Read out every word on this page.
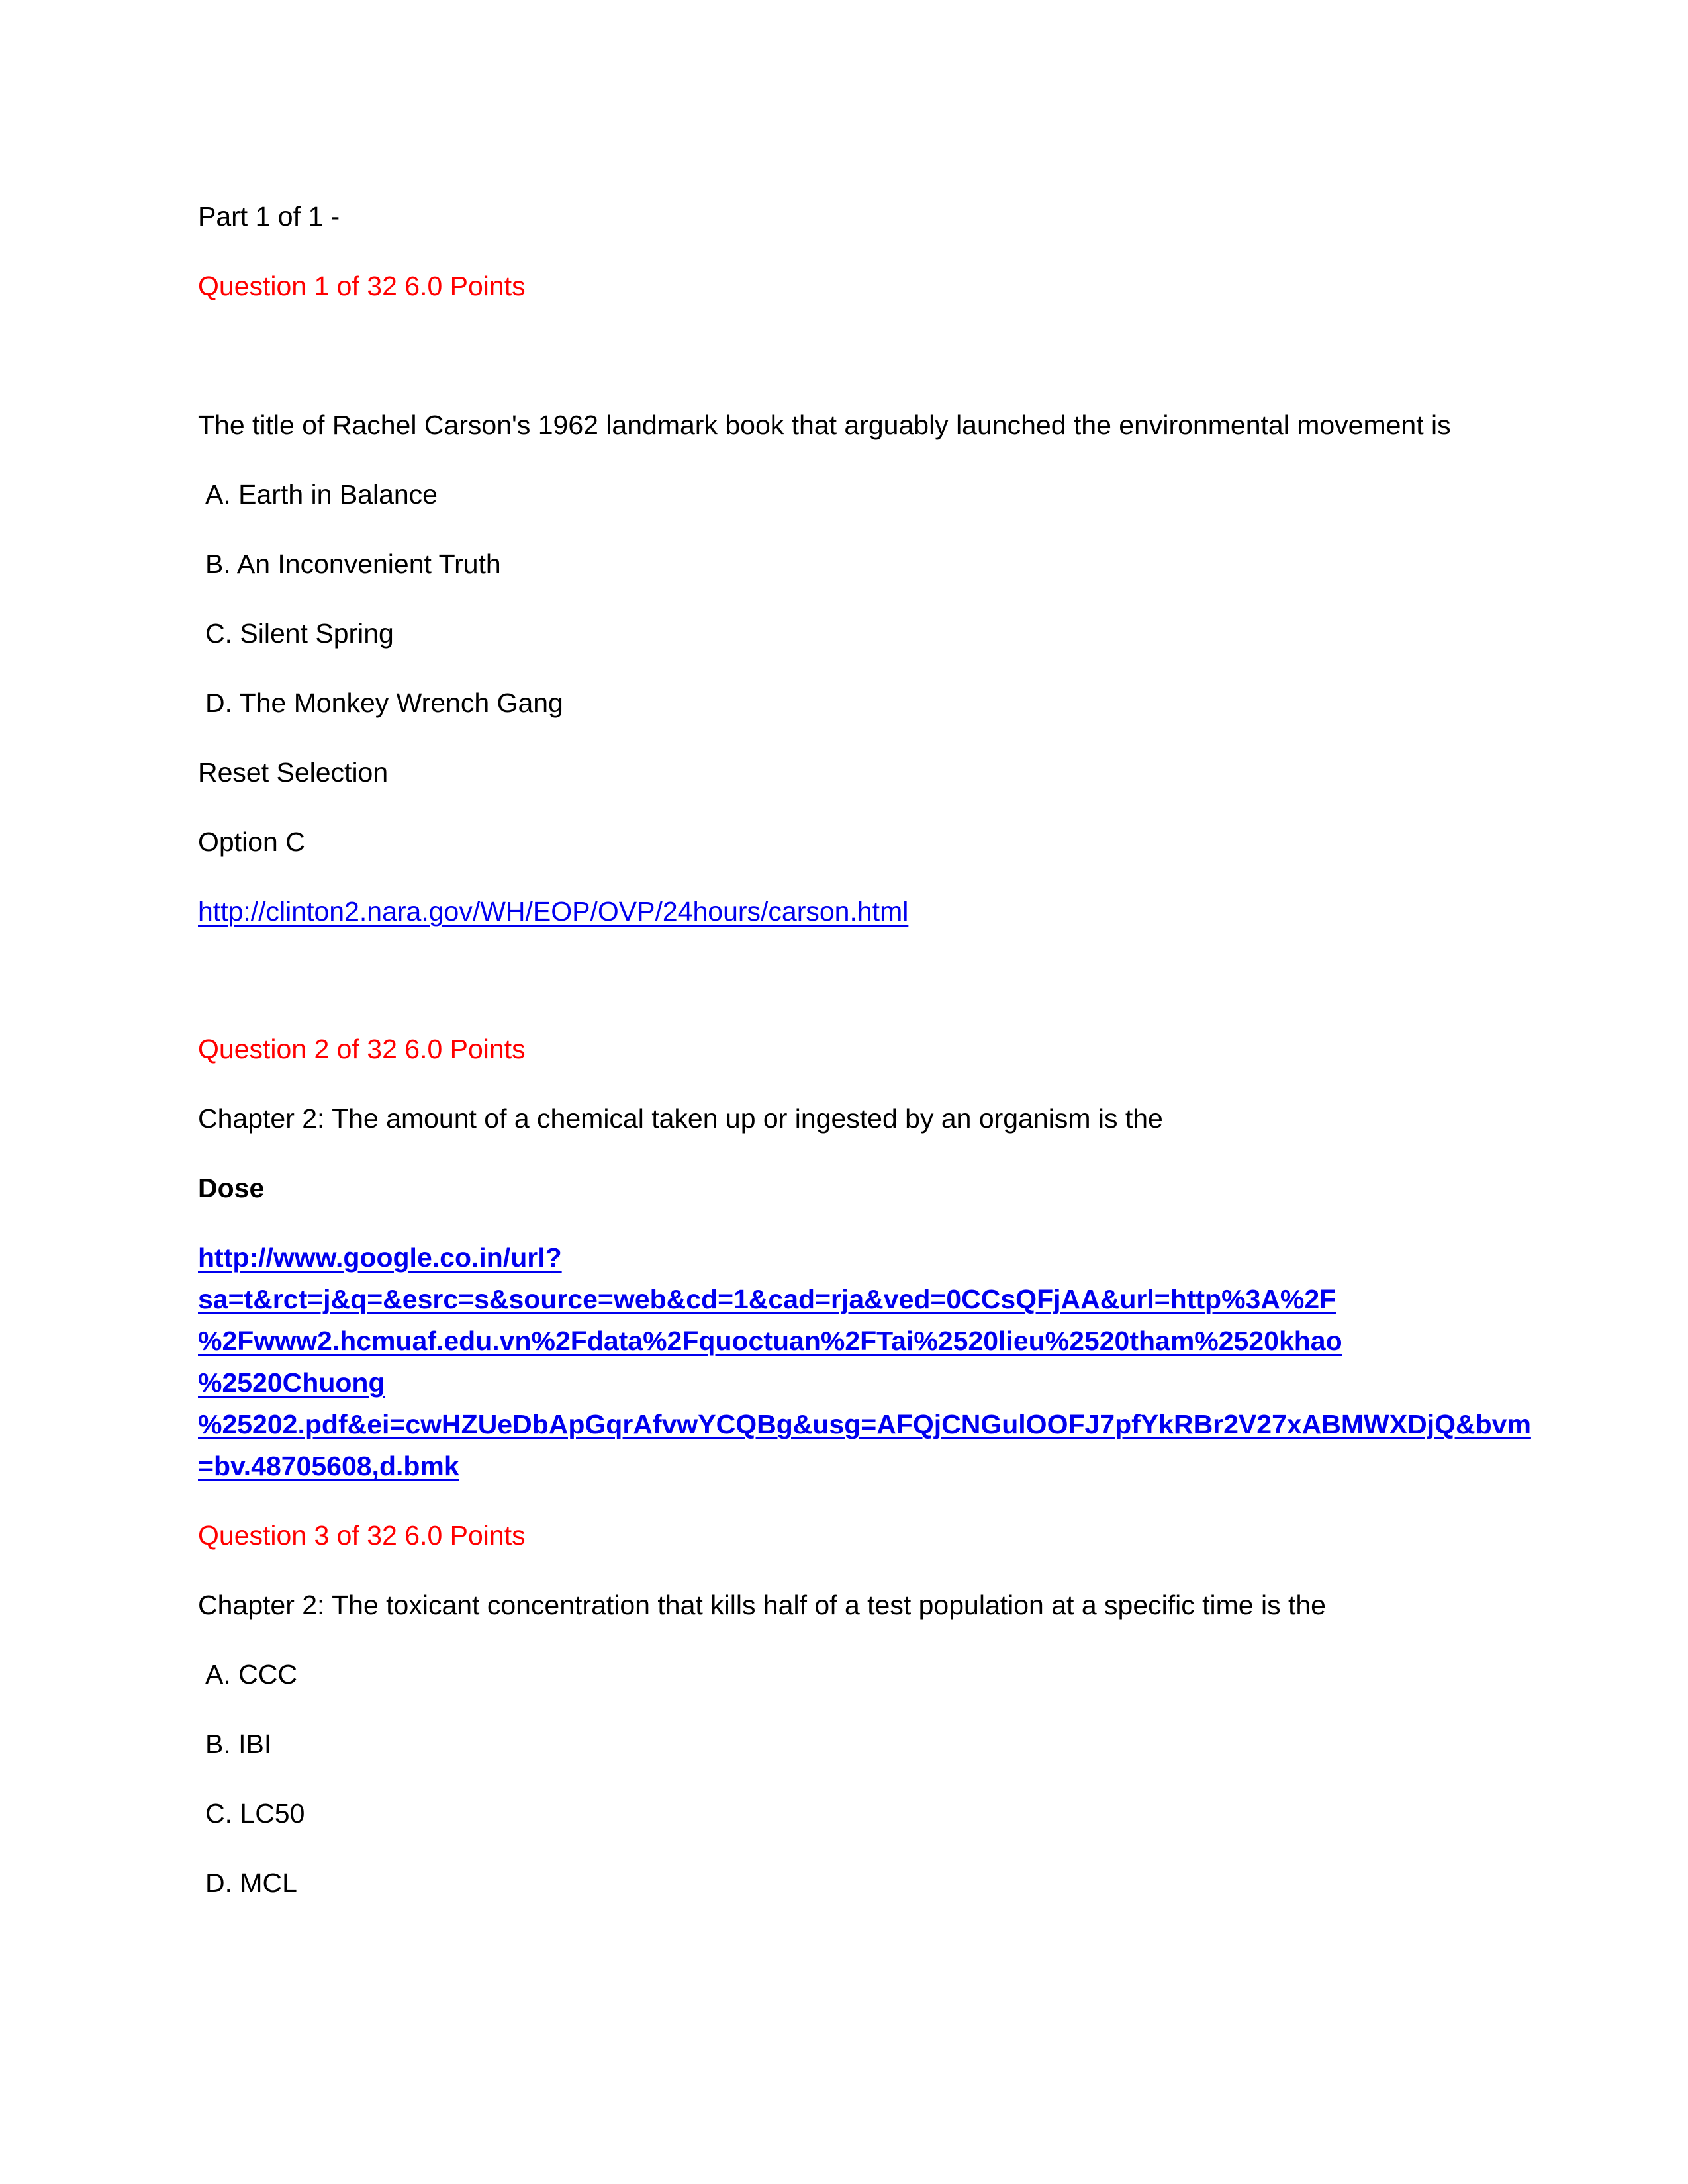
Part 1 of 1 -
Question 1 of 32 6.0 Points
The title of Rachel Carson's 1962 landmark book that arguably launched the environmental movement is
A. Earth in Balance
B. An Inconvenient Truth
C. Silent Spring
D. The Monkey Wrench Gang
Reset Selection
Option C
http://clinton2.nara.gov/WH/EOP/OVP/24hours/carson.html
Question 2 of 32 6.0 Points
Chapter 2: The amount of a chemical taken up or ingested by an organism is the
Dose
http://www.google.co.in/url?
sa=t&rct=j&q=&esrc=s&source=web&cd=1&cad=rja&ved=0CCsQFjAA&url=http%3A%2F
%2Fwww2.hcmuaf.edu.vn%2Fdata%2Fquoctuan%2FTai%2520lieu%2520tham%2520khao
%2520Chuong
%25202.pdf&ei=cwHZUeDbApGqrAfvwYCQBg&usg=AFQjCNGulOOFJ7pfYkRBr2V27xABMWXDjQ&bvm
=bv.48705608,d.bmk
Question 3 of 32 6.0 Points
Chapter 2: The toxicant concentration that kills half of a test population at a specific time is the
A. CCC
B. IBI
C. LC50
D. MCL
